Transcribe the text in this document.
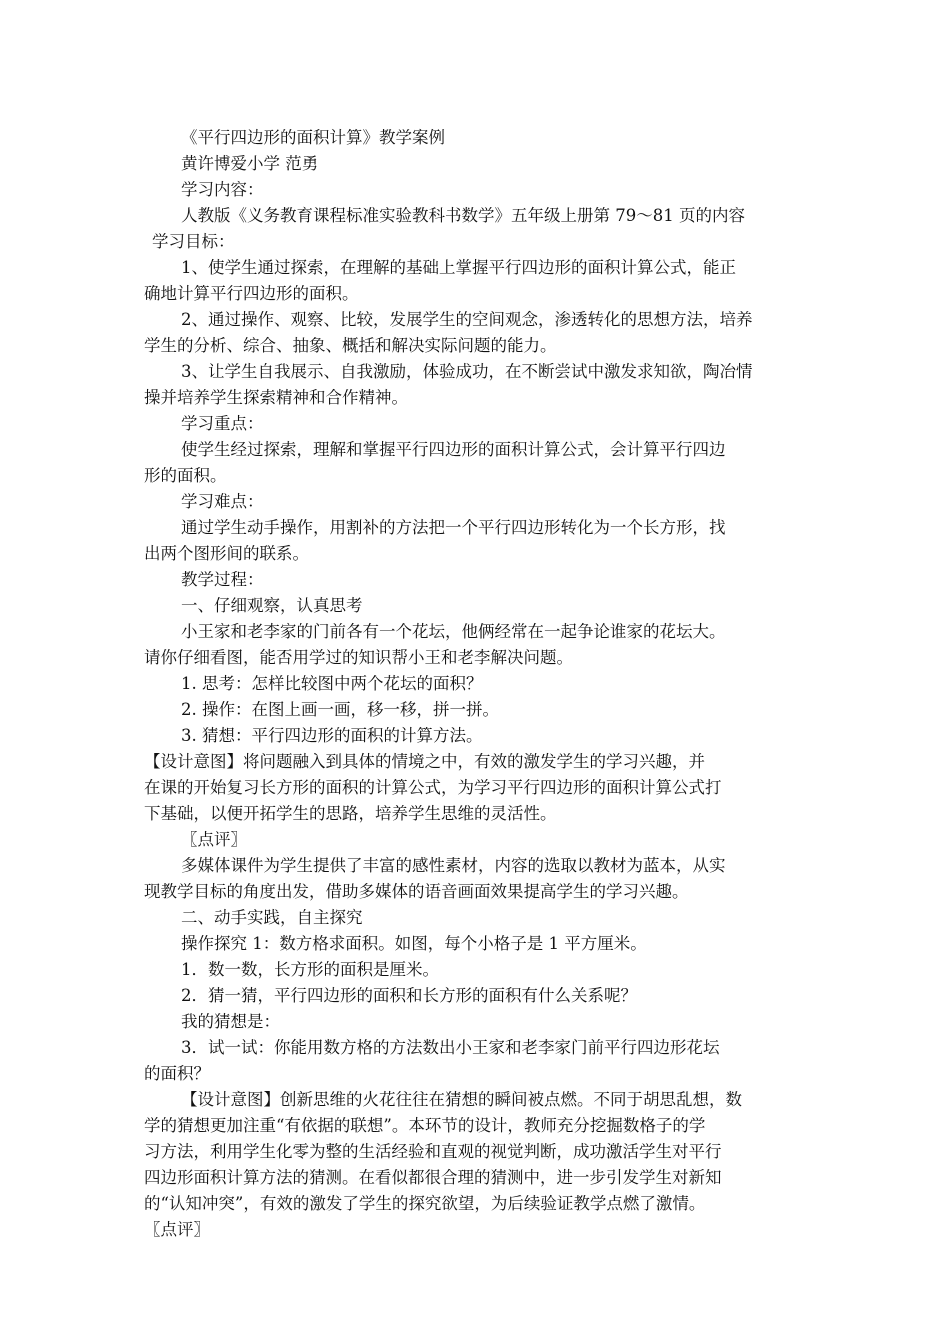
《平行四边形的面积计算》教学案例
黄许博爱小学 范勇
学习内容：
人教版《义务教育课程标准实验教科书数学》五年级上册第 79～81 页的内容
学习目标：
1、使学生通过探索，在理解的基础上掌握平行四边形的面积计算公式，能正
确地计算平行四边形的面积。
2、通过操作、观察、比较，发展学生的空间观念，渗透转化的思想方法，培养
学生的分析、综合、抽象、概括和解决实际问题的能力。
3、让学生自我展示、自我激励，体验成功，在不断尝试中激发求知欲，陶冶情
操并培养学生探索精神和合作精神。
学习重点：
使学生经过探索，理解和掌握平行四边形的面积计算公式，会计算平行四边
形的面积。
学习难点：
通过学生动手操作，用割补的方法把一个平行四边形转化为一个长方形，找
出两个图形间的联系。
教学过程：
一、仔细观察，认真思考
小王家和老李家的门前各有一个花坛，他俩经常在一起争论谁家的花坛大。
请你仔细看图，能否用学过的知识帮小王和老李解决问题。
1. 思考：怎样比较图中两个花坛的面积？
2. 操作：在图上画一画，移一移，拼一拼。
3. 猜想：平行四边形的面积的计算方法。
【设计意图】将问题融入到具体的情境之中，有效的激发学生的学习兴趣，并
在课的开始复习长方形的面积的计算公式，为学习平行四边形的面积计算公式打
下基础，以便开拓学生的思路，培养学生思维的灵活性。
〖点评〗
多媒体课件为学生提供了丰富的感性素材，内容的选取以教材为蓝本，从实
现教学目标的角度出发，借助多媒体的语音画面效果提高学生的学习兴趣。
二、动手实践，自主探究
操作探究 1：数方格求面积。如图，每个小格子是 1 平方厘米。
1．数一数，长方形的面积是厘米。
2．猜一猜，平行四边形的面积和长方形的面积有什么关系呢？
我的猜想是：
3．试一试：你能用数方格的方法数出小王家和老李家门前平行四边形花坛
的面积？
【设计意图】创新思维的火花往往在猜想的瞬间被点燃。不同于胡思乱想，数
学的猜想更加注重“有依据的联想”。本环节的设计，教师充分挖掘数格子的学
习方法，利用学生化零为整的生活经验和直观的视觉判断，成功激活学生对平行
四边形面积计算方法的猜测。在看似都很合理的猜测中，进一步引发学生对新知
的“认知冲突”，有效的激发了学生的探究欲望，为后续验证教学点燃了激情。
〖点评〗
